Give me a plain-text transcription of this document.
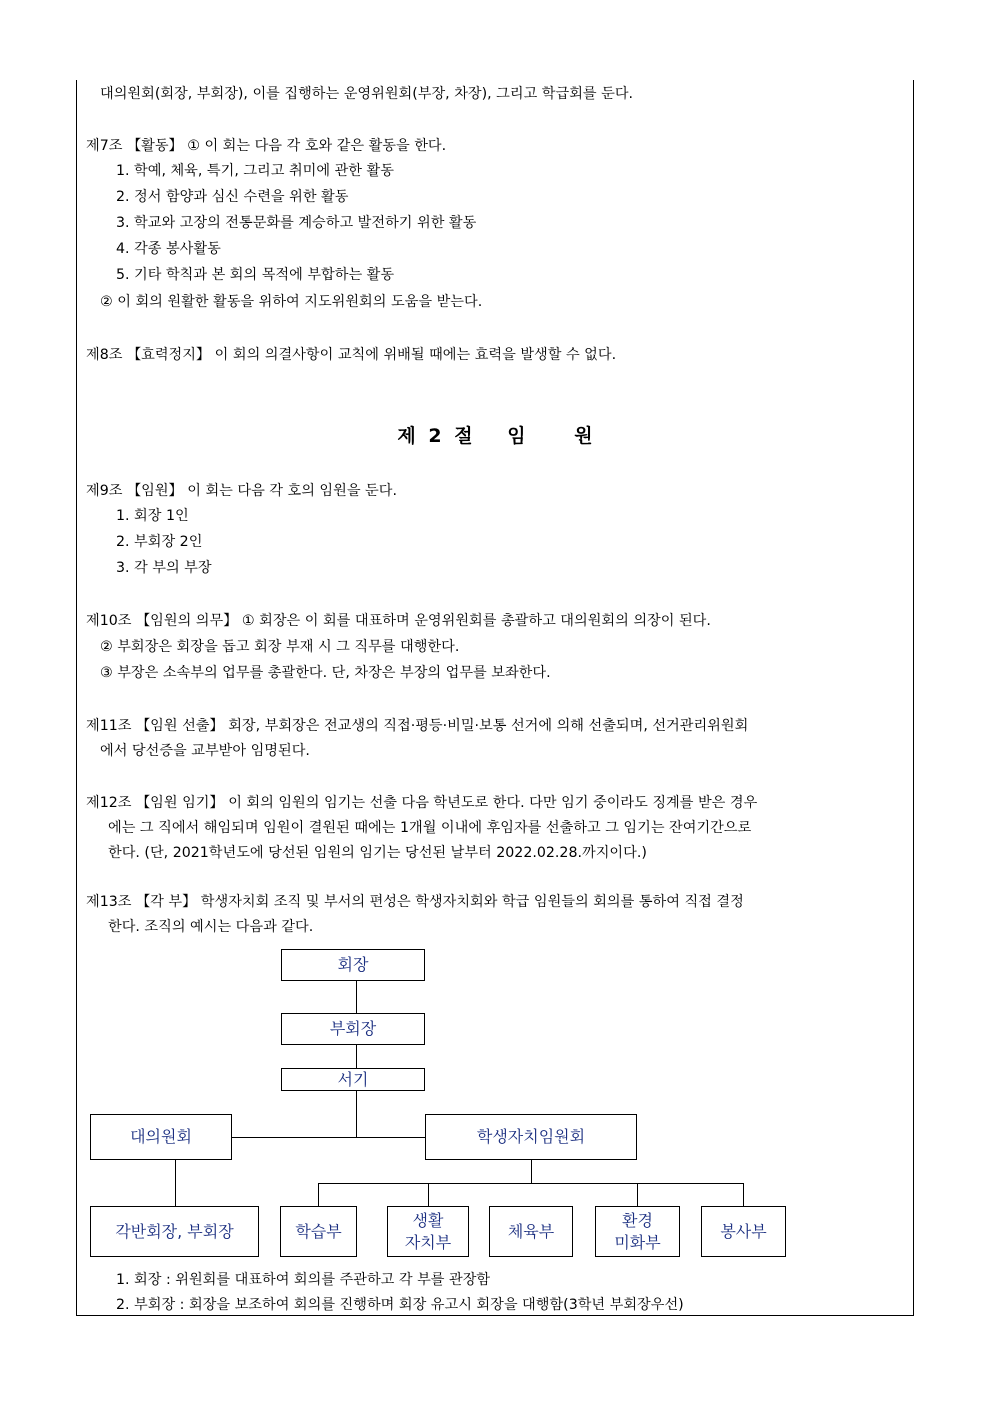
대의원회(회장, 부회장), 이를 집행하는 운영위원회(부장, 차장), 그리고 학급회를 둔다.
제7조 【활동】 ① 이 회는 다음 각 호와 같은 활동을 한다.
1. 학예, 체육, 특기, 그리고 취미에 관한 활동
2. 정서 함양과 심신 수련을 위한 활동
3. 학교와 고장의 전통문화를 계승하고 발전하기 위한 활동
4. 각종 봉사활동
5. 기타 학칙과 본 회의 목적에 부합하는 활동
② 이 회의 원활한 활동을 위하여 지도위원회의 도움을 받는다.
제8조 【효력정지】 이 회의 의결사항이 교칙에 위배될 때에는 효력을 발생할 수 없다.
제 2 절 임	원
제9조 【임원】 이 회는 다음 각 호의 임원을 둔다.
1. 회장 1인
2. 부회장 2인
3. 각 부의 부장
제10조 【임원의 의무】 ① 회장은 이 회를 대표하며 운영위원회를 총괄하고 대의원회의 의장이 된다.
② 부회장은 회장을 돕고 회장 부재 시 그 직무를 대행한다.
③ 부장은 소속부의 업무를 총괄한다. 단, 차장은 부장의 업무를 보좌한다.
제11조 【임원 선출】 회장, 부회장은 전교생의 직접·평등·비밀·보통 선거에 의해 선출되며, 선거관리위원회
에서 당선증을 교부받아 임명된다.
제12조 【임원 임기】 이 회의 임원의 임기는 선출 다음 학년도로 한다. 다만 임기 중이라도 징계를 받은 경우
에는 그 직에서 해임되며 임원이 결원된 때에는 1개월 이내에 후임자를 선출하고 그 임기는 잔여기간으로
한다. (단, 2021학년도에 당선된 임원의 임기는 당선된 날부터 2022.02.28.까지이다.)
제13조 【각 부】 학생자치회 조직 및 부서의 편성은 학생자치회와 학급 임원들의 회의를 통하여 직접 결정
한다. 조직의 예시는 다음과 같다.
회장
부회장
서기
대의원회	학생자치임원회
각반회장, 부회장	학습부
생활
자치부
체육부
환경
미화부
봉사부
1. 회장 : 위원회를 대표하여 회의를 주관하고 각 부를 관장함
2. 부회장 : 회장을 보조하여 회의를 진행하며 회장 유고시 회장을 대행함(3학년 부회장우선)
